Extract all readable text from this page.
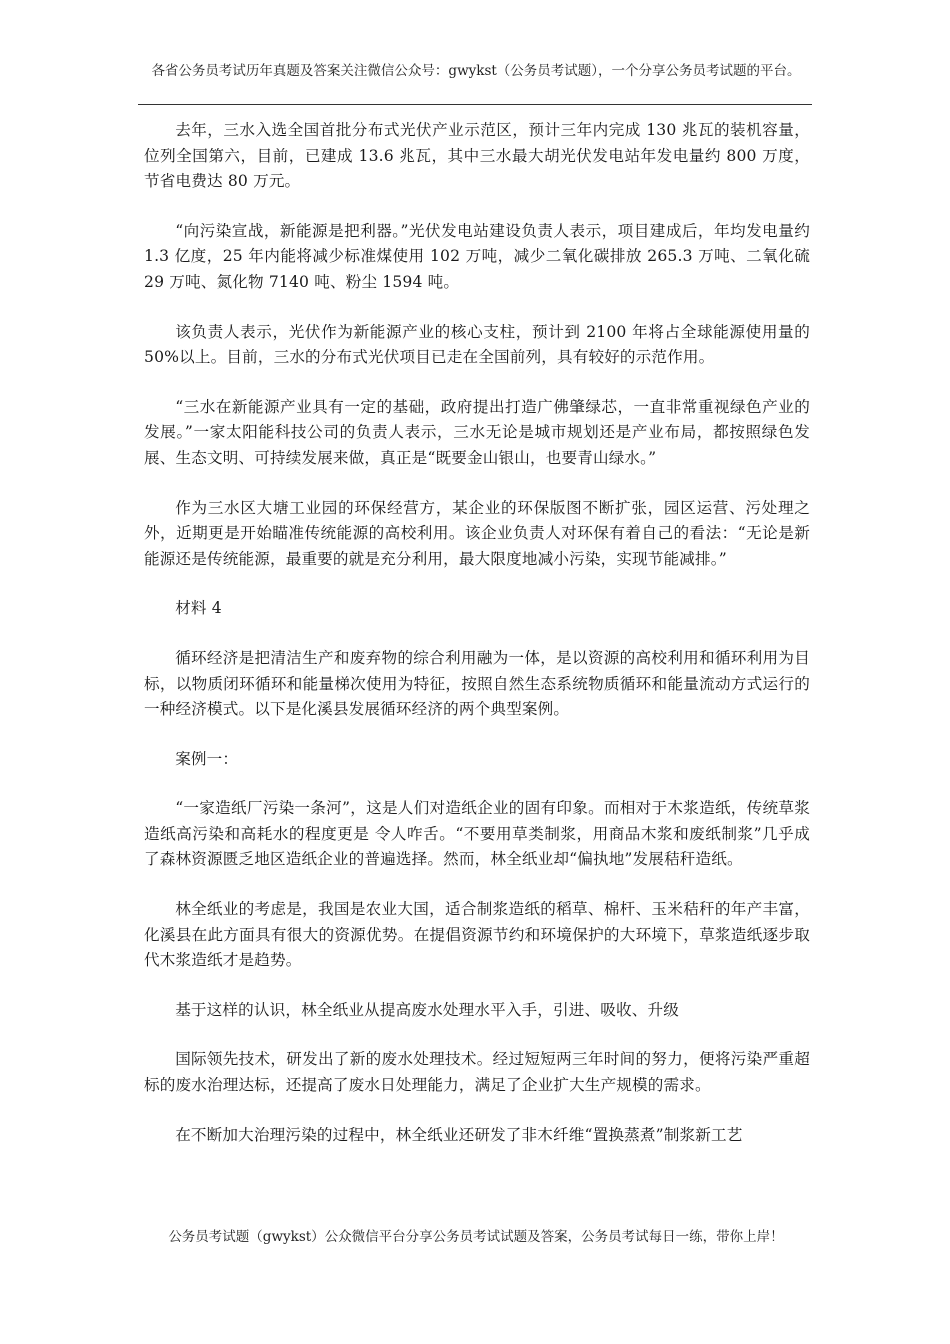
各省公务员考试历年真题及答案关注微信公众号：gwykst（公务员考试题），一个分享公务员考试题的平台。

去年，三水入选全国首批分布式光伏产业示范区，预计三年内完成 130 兆瓦的装机容量，位列全国第六，目前，已建成 13.6 兆瓦，其中三水最大胡光伏发电站年发电量约 800 万度，节省电费达 80 万元。

“向污染宣战，新能源是把利器。”光伏发电站建设负责人表示，项目建成后，年均发电量约 1.3 亿度，25 年内能将减少标准煤使用 102 万吨，减少二氧化碳排放 265.3 万吨、二氧化硫 29 万吨、氮化物 7140 吨、粉尘 1594 吨。

该负责人表示，光伏作为新能源产业的核心支柱，预计到 2100 年将占全球能源使用量的 50%以上。目前，三水的分布式光伏项目已走在全国前列，具有较好的示范作用。

“三水在新能源产业具有一定的基础，政府提出打造广佛肇绿芯，一直非常重视绿色产业的发展。”一家太阳能科技公司的负责人表示，三水无论是城市规划还是产业布局，都按照绿色发展、生态文明、可持续发展来做，真正是“既要金山银山，也要青山绿水。”

作为三水区大塘工业园的环保经营方，某企业的环保版图不断扩张，园区运营、污处理之外，近期更是开始瞄准传统能源的高校利用。该企业负责人对环保有着自己的看法：“无论是新能源还是传统能源，最重要的就是充分利用，最大限度地减小污染，实现节能减排。”

材料 4

循环经济是把清洁生产和废弃物的综合利用融为一体，是以资源的高校利用和循环利用为目标，以物质闭环循环和能量梯次使用为特征，按照自然生态系统物质循环和能量流动方式运行的一种经济模式。以下是化溪县发展循环经济的两个典型案例。

案例一：

“一家造纸厂污染一条河”，这是人们对造纸企业的固有印象。而相对于木浆造纸，传统草浆造纸高污染和高耗水的程度更是 令人咋舌。“不要用草类制浆，用商品木浆和废纸制浆”几乎成了森林资源匮乏地区造纸企业的普遍选择。然而，林全纸业却“偏执地”发展秸秆造纸。

林全纸业的考虑是，我国是农业大国，适合制浆造纸的稻草、棉杆、玉米秸秆的年产丰富，化溪县在此方面具有很大的资源优势。在提倡资源节约和环境保护的大环境下，草浆造纸逐步取代木浆造纸才是趋势。

基于这样的认识，林全纸业从提高废水处理水平入手，引进、吸收、升级

国际领先技术，研发出了新的废水处理技术。经过短短两三年时间的努力，便将污染严重超标的废水治理达标，还提高了废水日处理能力，满足了企业扩大生产规模的需求。

在不断加大治理污染的过程中，林全纸业还研发了非木纤维“置换蒸煮”制浆新工艺

公务员考试题（gwykst）公众微信平台分享公务员考试试题及答案，公务员考试每日一练，带你上岸！
